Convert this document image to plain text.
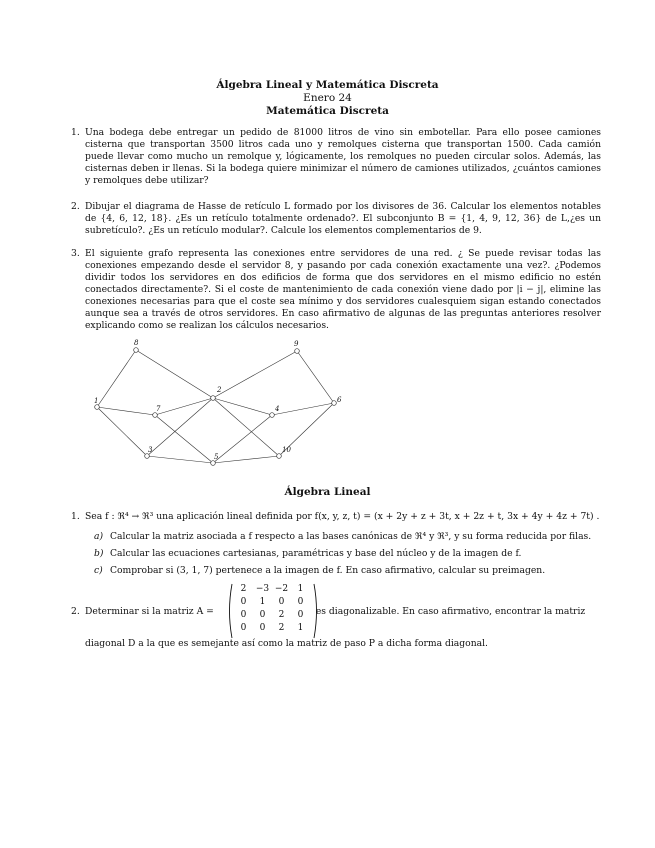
Álgebra Lineal y Matemática Discreta
Enero 24
Matemática Discreta
1. Una bodega debe entregar un pedido de 81000 litros de vino sin embotellar. Para ello posee camiones cisterna que transportan 3500 litros cada uno y remolques cisterna que transportan 1500. Cada camión puede llevar como mucho un remolque y, lógicamente, los remolques no pueden circular solos. Además, las cisternas deben ir llenas. Si la bodega quiere minimizar el número de camiones utilizados, ¿cuántos camiones y remolques debe utilizar?
2. Dibujar el diagrama de Hasse de retículo L formado por los divisores de 36. Calcular los elementos notables de {4, 6, 12, 18}. ¿Es un retículo totalmente ordenado?. El subconjunto B = {1, 4, 9, 12, 36} de L,¿es un subretículo?. ¿Es un retículo modular?. Calcule los elementos complementarios de 9.
3. El siguiente grafo representa las conexiones entre servidores de una red. ¿ Se puede revisar todas las conexiones empezando desde el servidor 8, y pasando por cada conexión exactamente una vez?. ¿Podemos dividir todos los servidores en dos edificios de forma que dos servidores en el mismo edificio no estén conectados directamente?. Si el coste de mantenimiento de cada conexión viene dado por |i − j|, elimine las conexiones necesarias para que el coste sea mínimo y dos servidores cualesquiem sigan estando conectados aunque sea a través de otros servidores. En caso afirmativo de algunas de las preguntas anteriores resolver explicando como se realizan los cálculos necesarios.
8	9
2
1
7	4
6
3
5
10
Álgebra Lineal
1. Sea f : ℜ⁴ → ℜ³ una aplicación lineal definida por f(x, y, z, t) = (x + 2y + z + 3t, x + 2z + t, 3x + 4y + 4z + 7t) .
a) Calcular la matriz asociada a f respecto a las bases canónicas de ℜ⁴ y ℜ³, y su forma reducida por filas.
b) Calcular las ecuaciones cartesianas, paramétricas y base del núcleo y de la imagen de f.
c) Comprobar si (3, 1, 7) pertenece a la imagen de f. En caso afirmativo, calcular su preimagen.
2. Determinar si la matriz A =	es diagonalizable. En caso afirmativo, encontrar la matriz
2 −3 −2 1
0 1 0 0
0 0 2 0
0 0 2 1
diagonal D a la que es semejante así como la matriz de paso P a dicha forma diagonal.
